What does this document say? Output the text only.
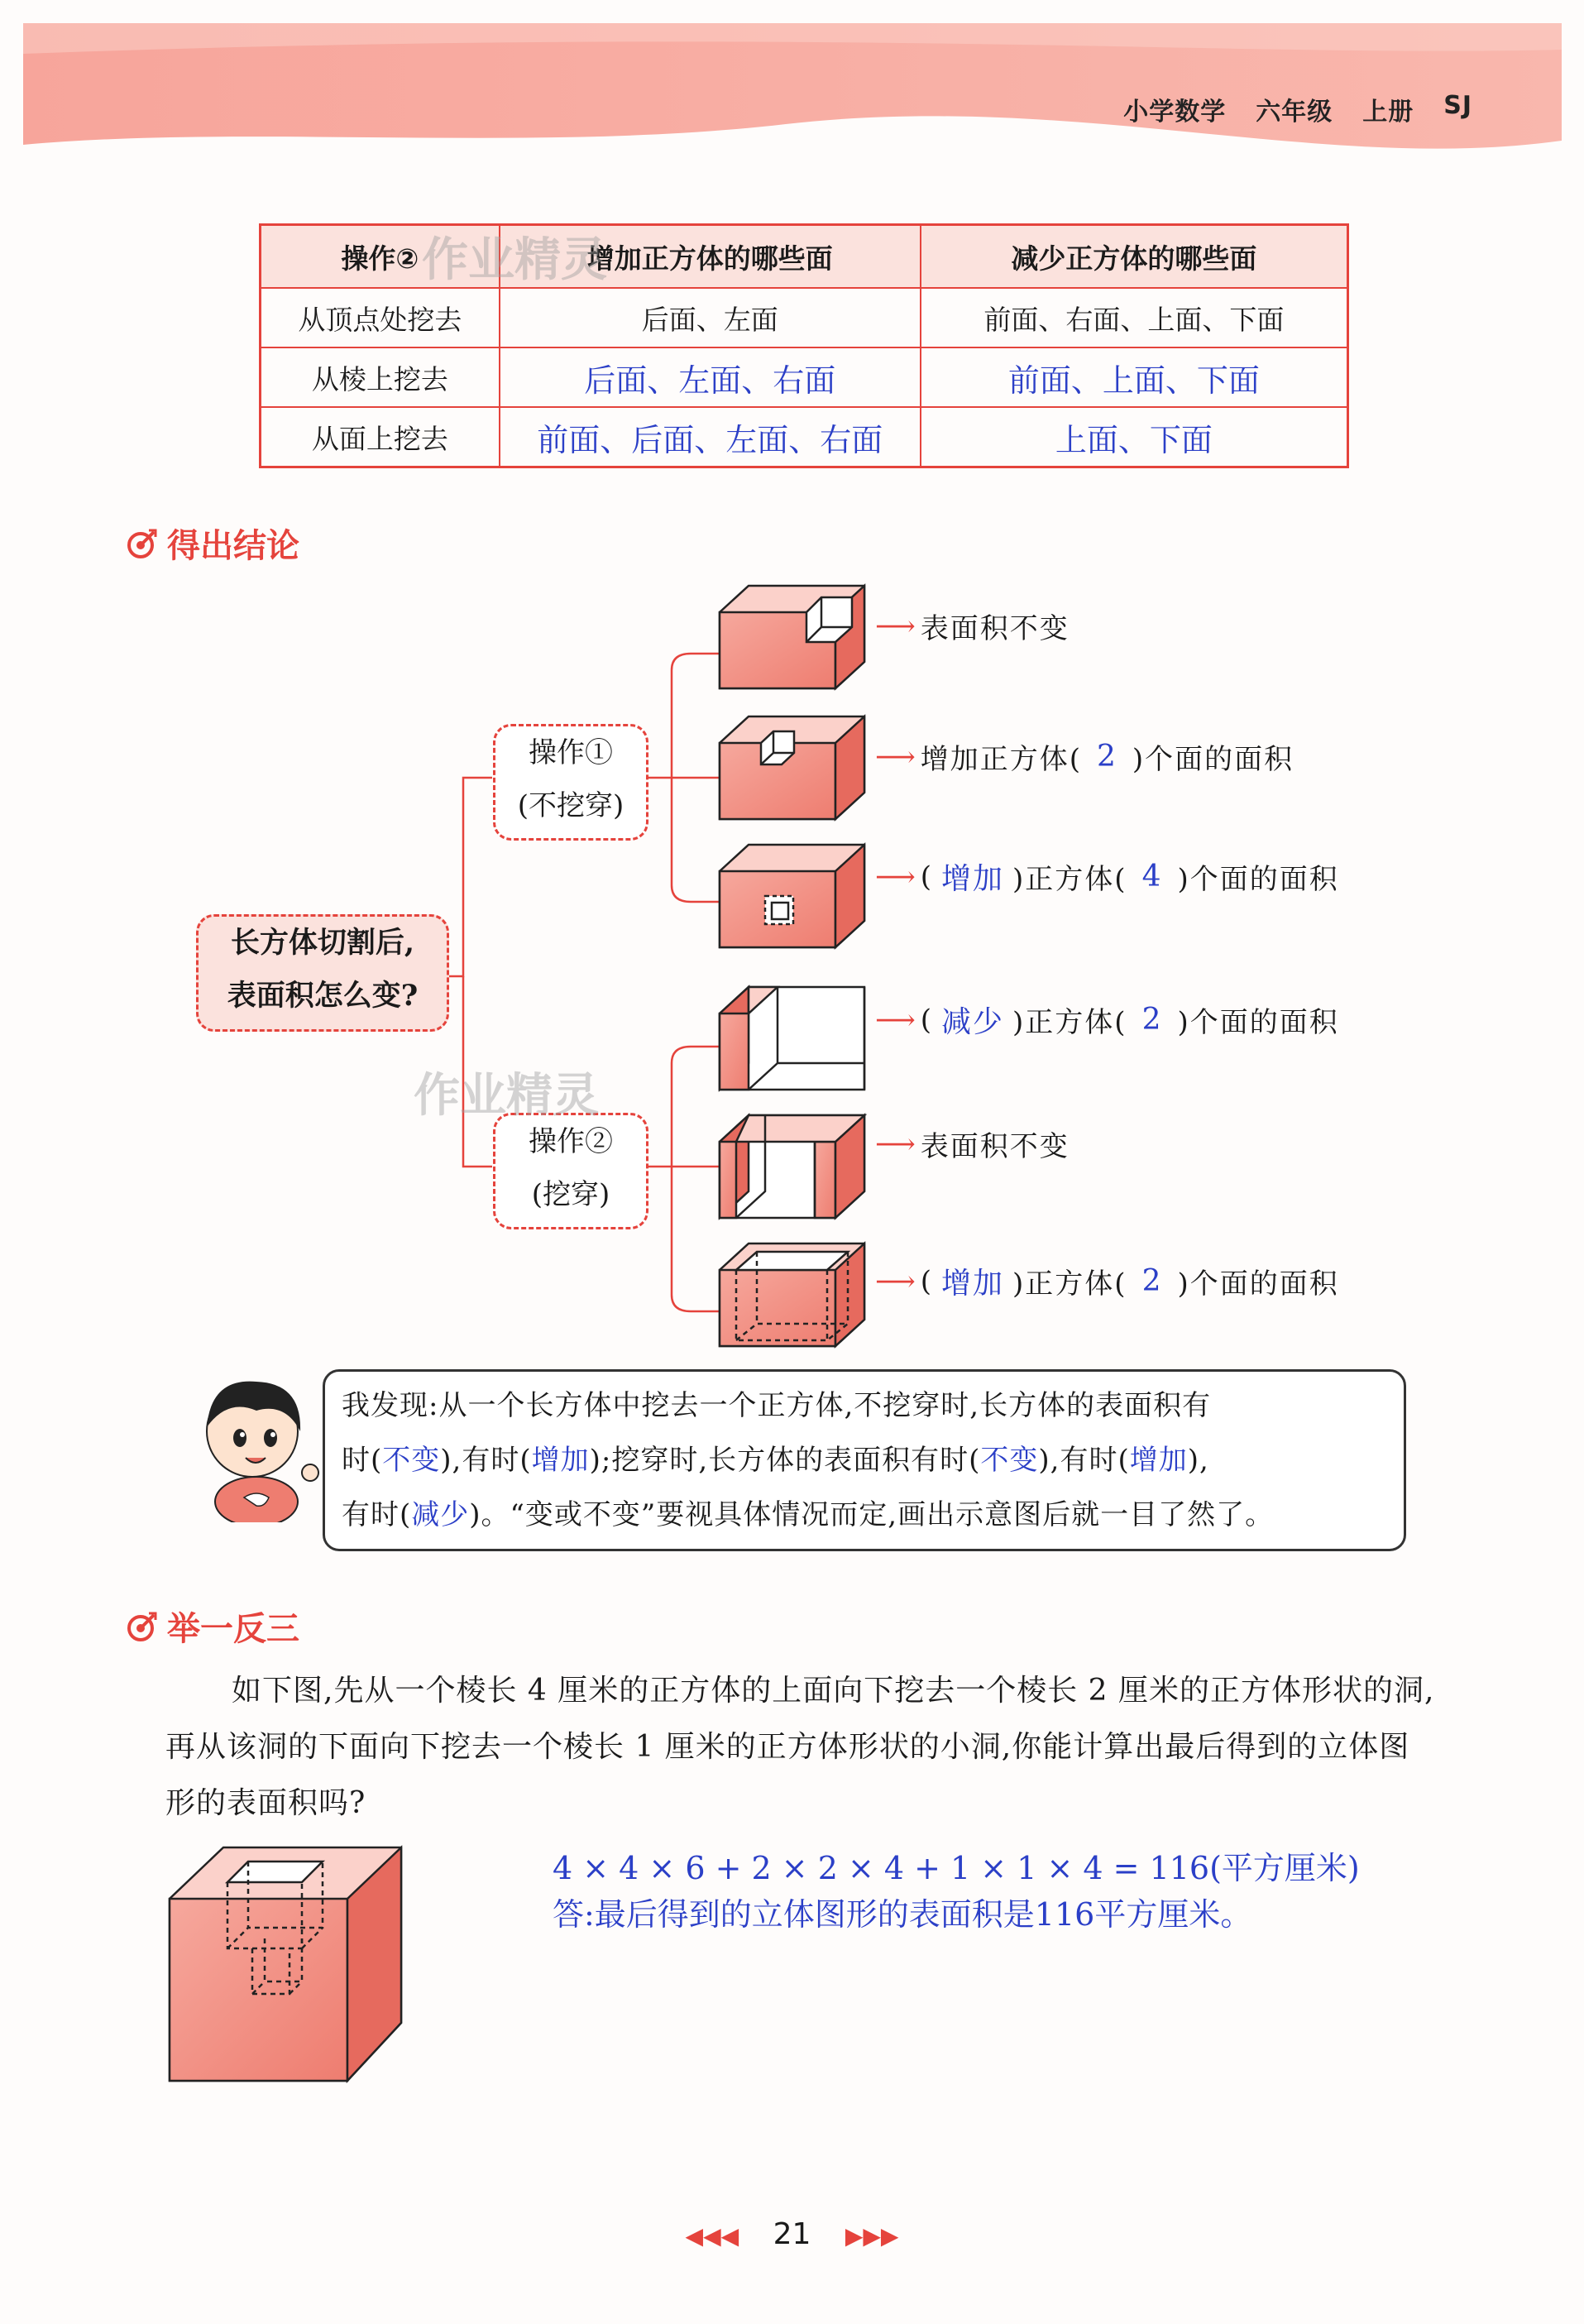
小学数学 六年级 上册 SJ
操作②	增加正方体的哪些面	减少正方体的哪些面
从顶点处挖去	后面、左面	前面、右面、上面、下面
从棱上挖去	后面、左面、右面	前面、上面、下面
从面上挖去	前面、后面、左面、右面	上面、下面
作业精灵
得出结论
长方体切割后,
表面积怎么变?
操作①
(不挖穿)
操作②
(挖穿)
作业精灵
⟶ 表面积不变
⟶ 增加正方体( 2 )个面的面积
⟶ ( 增加 )正方体( 4 )个面的面积
⟶ ( 减少 )正方体( 2 )个面的面积
⟶ 表面积不变
⟶ ( 增加 )正方体( 2 )个面的面积
我发现:从一个长方体中挖去一个正方体,不挖穿时,长方体的表面积有
时(不变),有时(增加);挖穿时,长方体的表面积有时(不变),有时(增加),
有时(减少)。“变或不变”要视具体情况而定,画出示意图后就一目了然了。
举一反三
如下图,先从一个棱长 4 厘米的正方体的上面向下挖去一个棱长 2 厘米的正方体形状的洞,再从该洞的下面向下挖去一个棱长 1 厘米的正方体形状的小洞,你能计算出最后得到的立体图形的表面积吗?
4 × 4 × 6 + 2 × 2 × 4 + 1 × 1 × 4 = 116(平方厘米)
答:最后得到的立体图形的表面积是116平方厘米。
◀◀◀ 21 ▶▶▶
